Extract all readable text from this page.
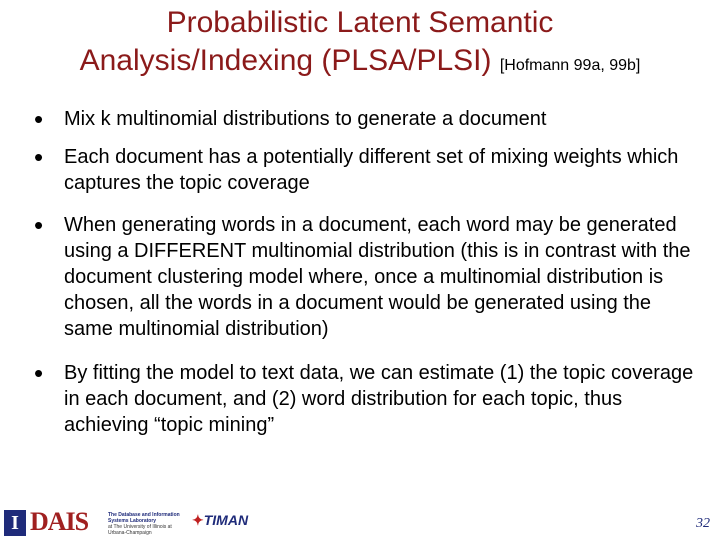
Probabilistic Latent Semantic
Analysis/Indexing (PLSA/PLSI) [Hofmann 99a, 99b]
• Mix k multinomial distributions to generate a document
• Each document has a potentially different set of mixing weights which captures the topic coverage
• When generating words in a document, each word may be generated using a DIFFERENT multinomial distribution (this is in contrast with the document clustering model where, once a multinomial distribution is chosen, all the words in a document would be generated using the same multinomial distribution)
• By fitting the model to text data, we can estimate (1) the topic coverage in each document, and (2) word distribution for each topic, thus achieving “topic mining”
I DAIS	The Database and Information Systems Laboratory
at The University of Illinois at Urbana-Champaign
✦TIMAN	32
